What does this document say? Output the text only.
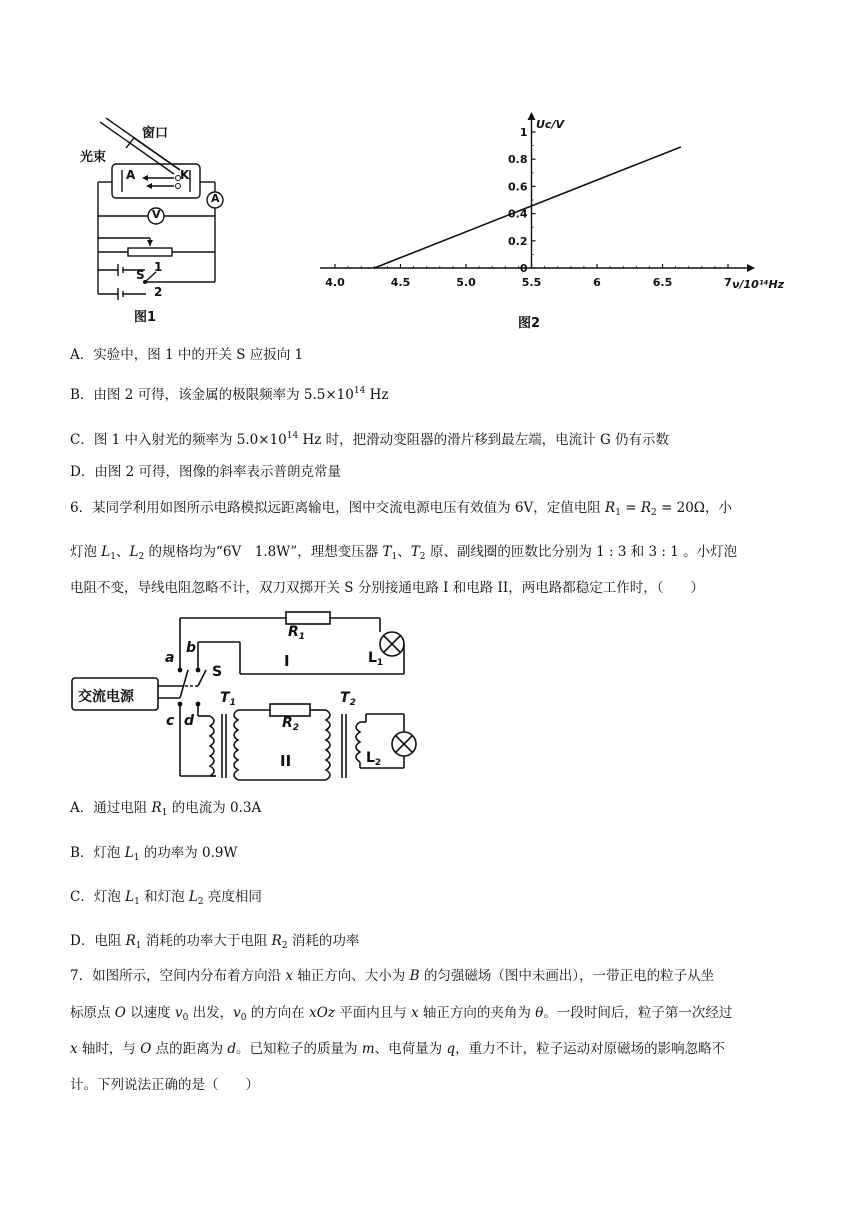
窗口
光束
A	K
A
V
S
1
2
图1
4.0	4.5	5.0	5.5	6	6.5	7
0
0.2
0.4
0.6
0.8
1
Uc/V
ν/10¹⁴Hz
图2
A．实验中，图 1 中的开关 S 应扳向 1
B．由图 2 可得，该金属的极限频率为 $5.5\times 10^{14}$ Hz
C．图 1 中入射光的频率为 $5.0\times 10^{14}$ Hz 时，把滑动变阻器的滑片移到最左端，电流计 G 仍有示数
D．由图 2 可得，图像的斜率表示普朗克常量
6．某同学利用如图所示电路模拟远距离输电，图中交流电源电压有效值为 6V，定值电阻 $R_1 = R_2 = 20\Omega$，小
灯泡 $L_1$、$L_2$ 的规格均为“6V　1.8W”，理想变压器 $T_1$、$T_2$ 原、副线圈的匝数比分别为 1 : 3 和 3 : 1 。小灯泡
电阻不变，导线电阻忽略不计，双刀双掷开关 S 分别接通电路 I 和电路 II，两电路都稳定工作时，（　　）
交流电源
a
b
c d
S
$R_1$
$R_2$
$T_1$	$T_2$
$L_1$
$L_2$
I
II
A．通过电阻 $R_1$ 的电流为 0.3A
B．灯泡 $L_1$ 的功率为 0.9W
C．灯泡 $L_1$ 和灯泡 $L_2$ 亮度相同
D．电阻 $R_1$ 消耗的功率大于电阻 $R_2$ 消耗的功率
7．如图所示，空间内分布着方向沿 x 轴正方向、大小为 B 的匀强磁场（图中未画出），一带正电的粒子从坐
标原点 O 以速度 $v_0$ 出发，$v_0$ 的方向在 xOz 平面内且与 x 轴正方向的夹角为 θ。一段时间后，粒子第一次经过
x 轴时，与 O 点的距离为 d。已知粒子的质量为 m、电荷量为 q，重力不计，粒子运动对原磁场的影响忽略不
计。下列说法正确的是（　　）
